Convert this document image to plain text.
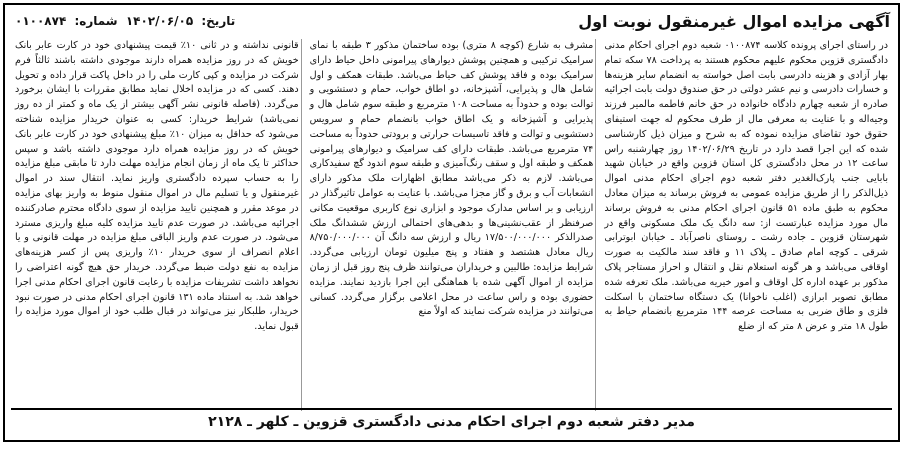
آگهی مزایده اموال غیرمنقول نوبت اول
تاریخ: ۱۴۰۲/۰۶/۰۵ شماره: ۰۱۰۰۸۷۴
در راستای اجرای پرونده کلاسه ۰۱۰۰۸۷۴ شعبه دوم اجرای احکام مدنی دادگستری قزوین محکوم علیهم محکوم هستند به پرداخت ۷۸ سکه تمام بهار آزادی و هزینه دادرسی بابت اصل خواسته به انضمام سایر هزینه‌ها و خسارات دادرسی و نیم عشر دولتی در حق صندوق دولت بابت اجرائیه صادره از شعبه چهارم دادگاه خانواده در حق خانم فاطمه مالمیر فرزند وجیه‌اله و با عنایت به معرفی مال از طرف محکوم له جهت استیفای حقوق خود تقاضای مزایده نموده که به شرح و میزان ذیل کارشناسی شده که این اجرا قصد دارد در تاریخ ۱۴۰۲/۰۶/۲۹ روز چهارشنبه راس ساعت ۱۲ در محل دادگستری کل استان قزوین واقع در خیابان شهید بابایی جنب پارک‌الغدیر دفتر شعبه دوم اجرای احکام مدنی اموال ذیل‌الذکر را از طریق مزایده عمومی به فروش برساند به میزان معادل محکوم به طبق ماده ۵۱ قانون اجرای احکام مدنی به فروش برساند مال مورد مزایده عبارتست از: سه دانگ یک ملک مسکونی واقع در شهرستان قزوین ـ جاده رشت ـ روستای ناصرآباد ـ خیابان ابوترابی شرقی ـ کوچه امام صادق ـ پلاک ۱۱ و فاقد سند مالکیت به صورت اوقافی می‌باشد و هر گونه استعلام نقل و انتقال و احراز مستاجر پلاک مذکور بر عهده اداره کل اوقاف و امور خیریه می‌باشد. ملک تعرفه شده مطابق تصویر ابرازی (اغلب ناخوانا) یک دستگاه ساختمان با اسکلت فلزی و طاق ضربی به مساحت عرصه ۱۴۴ مترمربع بانضمام حیاط به طول ۱۸ متر و عرض ۸ متر که از ضلع
مشرف به شارع (کوچه ۸ متری) بوده ساختمان مذکور ۳ طبقه با نمای سرامیک ترکیبی و همچنین پوشش دیوارهای پیرامونی داخل حیاط دارای سرامیک بوده و فاقد پوشش کف حیاط می‌باشد. طبقات همکف و اول شامل هال و پذیرایی، آشپزخانه، دو اطاق خواب، حمام و دستشویی و توالت بوده و حدوداً به مساحت ۱۰۸ مترمربع و طبقه سوم شامل هال و پذیرایی و آشپزخانه و یک اطاق خواب بانضمام حمام و سرویس دستشویی و توالت و فاقد تاسیسات حرارتی و برودتی حدوداً به مساحت ۷۴ مترمربع می‌باشد. طبقات دارای کف سرامیک و دیوارهای پیرامونی همکف و طبقه اول و سقف رنگ‌آمیزی و طبقه سوم اندود گچ سفیدکاری می‌باشد. لازم به ذکر می‌باشد مطابق اظهارات ملک مذکور دارای انشعابات آب و برق و گاز مجزا می‌باشد. با عنایت به عوامل تاثیرگذار در ارزیابی و بر اساس مدارک موجود و ابزاری نوع کاربری موقعیت مکانی صرفنظر از عقب‌نشینی‌ها و بدهی‌های احتمالی ارزش ششدانگ ملک صدرالذکر ۱۷/۵۰۰/۰۰۰/۰۰۰ ریال و ارزش سه دانگ آن ۸/۷۵۰/۰۰۰/۰۰۰ ریال معادل هشتصد و هفتاد و پنج میلیون تومان ارزیابی می‌گردد. شرایط مزایده: طالبین و خریداران می‌توانند ظرف پنج روز قبل از زمان مزایده از اموال آگهی شده با هماهنگی این اجرا بازدید نمایند. مزایده حضوری بوده و راس ساعت در محل اعلامی برگزار می‌گردد. کسانی می‌توانند در مزایده شرکت نمایند که اولاً منع
قانونی نداشته و در ثانی ۱۰٪ قیمت پیشنهادی خود در کارت عابر بانک خویش که در روز مزایده همراه دارند موجودی داشته باشند ثالثاً فرم شرکت در مزایده و کپی کارت ملی را در داخل پاکت قرار داده و تحویل دهند. کسی که در مزایده اخلال نماید مطابق مقررات با ایشان برخورد می‌گردد. (فاصله قانونی نشر آگهی بیشتر از یک ماه و کمتر از ده روز نمی‌باشد) شرایط خریدار: کسی به عنوان خریدار مزایده شناخته می‌شود که حداقل به میزان ۱۰٪ مبلغ پیشنهادی خود در کارت عابر بانک خویش که در روز مزایده همراه دارد موجودی داشته باشد و سپس حداکثر تا یک ماه از زمان انجام مزایده مهلت دارد تا مابقی مبلغ مزایده را به حساب سپرده دادگستری واریز نماید. انتقال سند در اموال غیرمنقول و یا تسلیم مال در اموال منقول منوط به واریز بهای مزایده در موعد مقرر و همچنین تایید مزایده از سوی دادگاه محترم صادرکننده اجرائیه می‌باشد. در صورت عدم تایید مزایده کلیه مبلغ واریزی مسترد می‌شود. در صورت عدم واریز الباقی مبلغ مزایده در مهلت قانونی و یا اعلام انصراف از سوی خریدار ۱۰٪ واریزی پس از کسر هزینه‌های مزایده به نفع دولت ضبط می‌گردد. خریدار حق هیچ گونه اعتراضی را نخواهد داشت تشریفات مزایده با رعایت قانون اجرای احکام مدنی اجرا خواهد شد. به استناد ماده ۱۳۱ قانون اجرای احکام مدنی در صورت نبود خریدار، طلبکار نیز می‌تواند در قبال طلب خود از اموال مورد مزایده را قبول نماید.
مدیر دفتر شعبه دوم اجرای احکام مدنی دادگستری قزوین ـ کلهر ـ ۲۱۲۸
